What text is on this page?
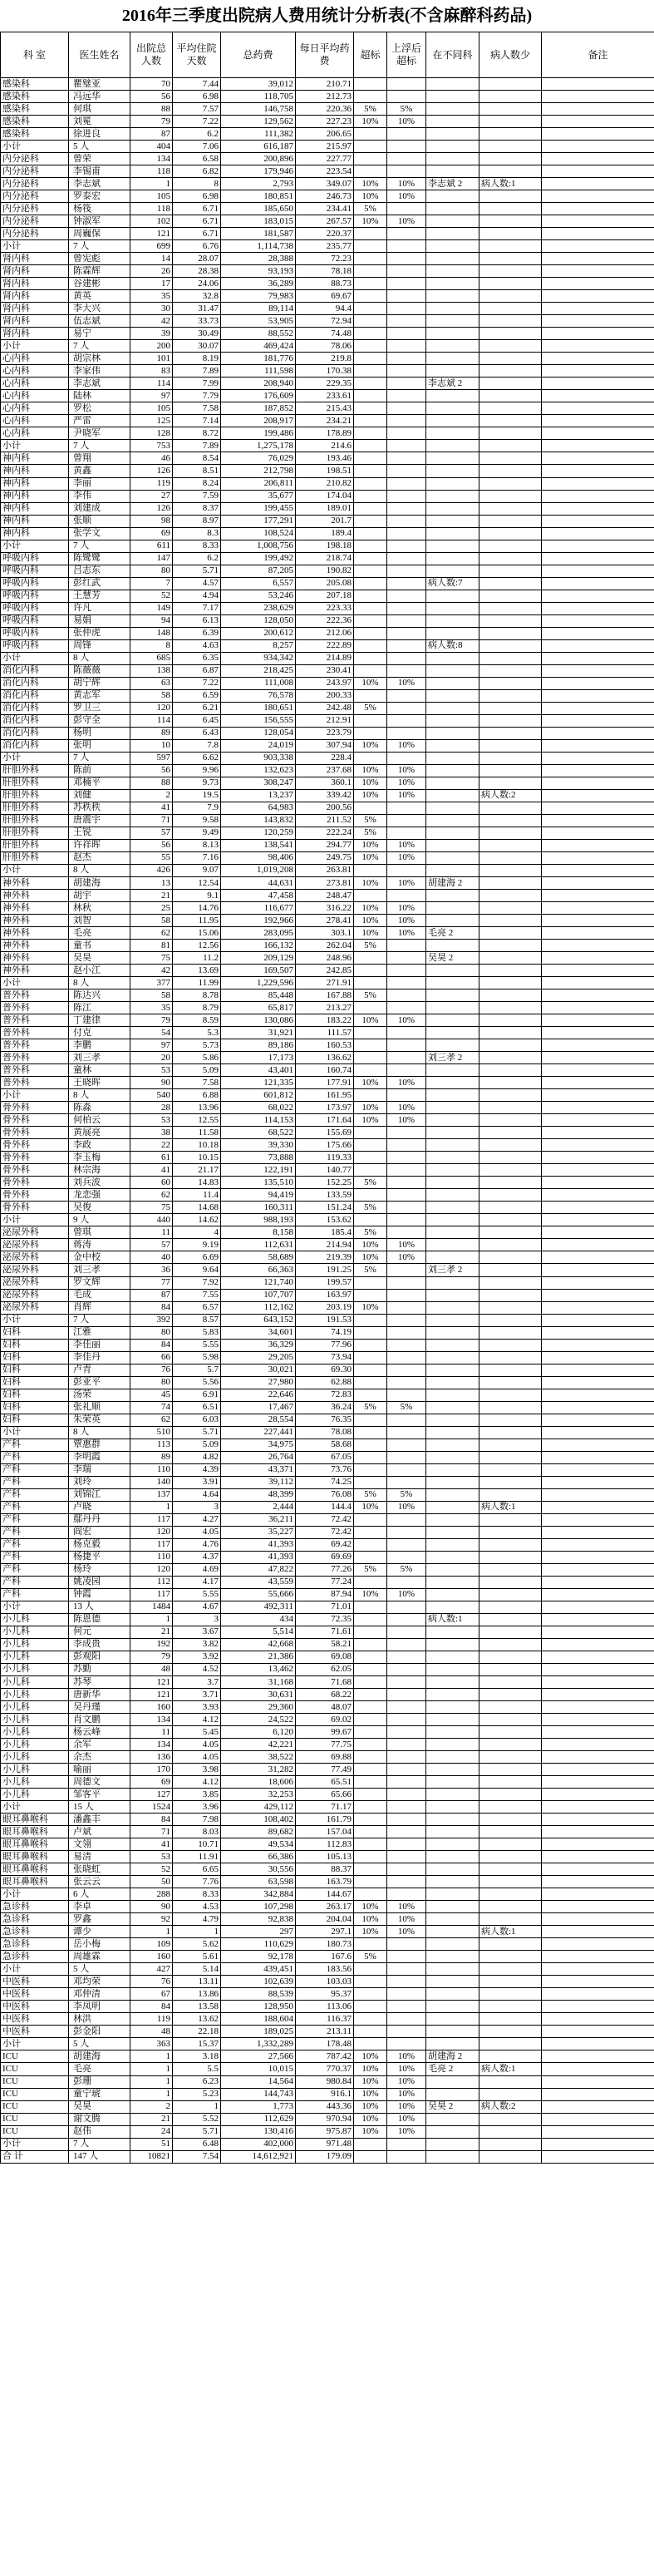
2016年三季度出院病人费用统计分析表(不含麻醉科药品)
科 室	医生姓名	出院总人数	平均住院天数	总药费	每日平均药费	超标	上浮后超标	在不同科	病人数少	备注
感染科	瞿璧亚	70	7.44	39,012	210.71					
感染科	冯远华	56	6.98	118,705	212.73					
感染科	何琪	88	7.57	146,758	220.36	5%	5%			
感染科	刘冕	79	7.22	129,562	227.23	10%	10%			
感染科	徐进良	87	6.2	111,382	206.65					
小计	5 人	404	7.06	616,187	215.97					
内分泌科	曾荣	134	6.58	200,896	227.77					
内分泌科	李锡甫	118	6.82	179,946	223.54					
内分泌科	李志斌	1	8	2,793	349.07	10%	10%	李志斌 2	病人数:1	
内分泌科	罗泰宏	105	6.98	180,851	246.73	10%	10%			
内分泌科	杨筏	118	6.71	185,650	234.41	5%				
内分泌科	钟淑军	102	6.71	183,015	267.57	10%	10%			
内分泌科	周巍保	121	6.71	181,587	220.37					
小计	7 人	699	6.76	1,114,738	235.77					
肾内科	曾宪彪	14	28.07	28,388	72.23					
肾内科	陈霖辉	26	28.38	93,193	78.18					
肾内科	谷建彬	17	24.06	36,289	88.73					
肾内科	黄英	35	32.8	79,983	69.67					
肾内科	李大兴	30	31.47	89,114	94.4					
肾内科	伍志斌	42	33.73	53,905	72.94					
肾内科	易宁	39	30.49	88,552	74.48					
小计	7 人	200	30.07	469,424	78.06					
心内科	胡宗林	101	8.19	181,776	219.8					
心内科	李家伟	83	7.89	111,598	170.38					
心内科	李志斌	114	7.99	208,940	229.35			李志斌 2		
心内科	陆林	97	7.79	176,609	233.61					
心内科	罗松	105	7.58	187,852	215.43					
心内科	严雷	125	7.14	208,917	234.21					
心内科	尹晓军	128	8.72	199,486	178.89					
小计	7 人	753	7.89	1,275,178	214.6					
神内科	曾翔	46	8.54	76,029	193.46					
神内科	黄鑫	126	8.51	212,798	198.51					
神内科	李丽	119	8.24	206,811	210.82					
神内科	李伟	27	7.59	35,677	174.04					
神内科	刘建成	126	8.37	199,455	189.01					
神内科	张顺	98	8.97	177,291	201.7					
神内科	张学文	69	8.3	108,524	189.4					
小计	7 人	611	8.33	1,008,756	198.18					
呼吸内科	陈鹭鹭	147	6.2	199,492	218.74					
呼吸内科	吕志东	80	5.71	87,205	190.82					
呼吸内科	彭红武	7	4.57	6,557	205.08			病人数:7		
呼吸内科	王慧芳	52	4.94	53,246	207.18					
呼吸内科	许凡	149	7.17	238,629	223.33					
呼吸内科	易娟	94	6.13	128,050	222.36					
呼吸内科	张仲虎	148	6.39	200,612	212.06					
呼吸内科	周锋	8	4.63	8,257	222.89			病人数:8		
小计	8 人	685	6.35	934,342	214.89					
消化内科	陈薇薇	138	6.87	218,425	230.41					
消化内科	胡宁辉	63	7.22	111,008	243.97	10%	10%			
消化内科	黄志军	58	6.59	76,578	200.33					
消化内科	罗卫三	120	6.21	180,651	242.48	5%				
消化内科	彭守全	114	6.45	156,555	212.91					
消化内科	杨明	89	6.43	128,054	223.79					
消化内科	张明	10	7.8	24,019	307.94	10%	10%			
小计	7 人	597	6.62	903,338	228.4					
肝胆外科	陈前	56	9.96	132,623	237.68	10%	10%			
肝胆外科	邓楠平	88	9.73	308,247	360.1	10%	10%			
肝胆外科	刘健	2	19.5	13,237	339.42	10%	10%		病人数:2	
肝胆外科	苏秩秩	41	7.9	64,983	200.56					
肝胆外科	唐震宇	71	9.58	143,832	211.52	5%				
肝胆外科	王锐	57	9.49	120,259	222.24	5%				
肝胆外科	许祥晖	56	8.13	138,541	294.77	10%	10%			
肝胆外科	赵杰	55	7.16	98,406	249.75	10%	10%			
小计	8 人	426	9.07	1,019,208	263.81					
神外科	胡建海	13	12.54	44,631	273.81	10%	10%	胡建海 2		
神外科	胡宇	21	9.1	47,458	248.47					
神外科	林秋	25	14.76	116,677	316.22	10%	10%			
神外科	刘智	58	11.95	192,966	278.41	10%	10%			
神外科	毛亮	62	15.06	283,095	303.1	10%	10%	毛亮 2		
神外科	童书	81	12.56	166,132	262.04	5%				
神外科	吴昊	75	11.2	209,129	248.96			吴昊 2		
神外科	赵小江	42	13.69	169,507	242.85					
小计	8 人	377	11.99	1,229,596	271.91					
普外科	陈达兴	58	8.78	85,448	167.88	5%				
普外科	陈江	35	8.79	65,817	213.27					
普外科	丁建律	79	8.59	130,086	183.22	10%	10%			
普外科	付克	54	5.3	31,921	111.57					
普外科	李鹏	97	5.73	89,186	160.53					
普外科	刘三孝	20	5.86	17,173	136.62			刘三孝 2		
普外科	童林	53	5.09	43,401	160.74					
普外科	王晓晖	90	7.58	121,335	177.91	10%	10%			
小计	8 人	540	6.88	601,812	161.95					
骨外科	陈淼	28	13.96	68,022	173.97	10%	10%			
骨外科	何柏云	53	12.55	114,153	171.64	10%	10%			
骨外科	黄展亮	38	11.58	68,522	155.69					
骨外科	李政	22	10.18	39,330	175.66					
骨外科	李玉梅	61	10.15	73,888	119.33					
骨外科	林宗海	41	21.17	122,191	140.77					
骨外科	刘兵波	60	14.83	135,510	152.25	5%				
骨外科	龙恋强	62	11.4	94,419	133.59					
骨外科	吴俊	75	14.68	160,311	151.24	5%				
小计	9 人	440	14.62	988,193	153.62					
泌尿外科	曾琪	11	4	8,158	185.4	5%				
泌尿外科	蒋涛	57	9.19	112,631	214.94	10%	10%			
泌尿外科	金中校	40	6.69	58,689	219.39	10%	10%			
泌尿外科	刘三孝	36	9.64	66,363	191.25	5%		刘三孝 2		
泌尿外科	罗文辉	77	7.92	121,740	199.57					
泌尿外科	毛成	87	7.55	107,707	163.97					
泌尿外科	肖辉	84	6.57	112,162	203.19	10%				
小计	7 人	392	8.57	643,152	191.53					
妇科	江雅	80	5.83	34,601	74.19					
妇科	李佳丽	84	5.55	36,329	77.96					
妇科	李佳丹	66	5.98	29,205	73.94					
妇科	卢青	76	5.7	30,021	69.30					
妇科	彭亚平	80	5.56	27,980	62.88					
妇科	汤荣	45	6.91	22,646	72.83					
妇科	张礼顺	74	6.51	17,467	36.24	5%	5%			
妇科	朱荣英	62	6.03	28,554	76.35					
小计	8 人	510	5.71	227,441	78.08					
产科	覃惠群	113	5.09	34,975	58.68					
产科	李明霞	89	4.82	26,764	67.05					
产科	李瑞	110	4.39	43,371	73.76					
产科	刘玲	140	3.91	39,112	74.25					
产科	刘锦江	137	4.64	48,399	76.08	5%	5%			
产科	卢晓	1	3	2,444	144.4	10%	10%		病人数:1	
产科	鄢丹丹	117	4.27	36,211	72.42					
产科	阎宏	120	4.05	35,227	72.42					
产科	杨克毅	117	4.76	41,393	69.42					
产科	杨捷平	110	4.37	41,393	69.69					
产科	杨玲	120	4.69	47,822	77.26	5%	5%			
产科	姚凌园	112	4.17	43,559	77.24					
产科	钟霞	117	5.55	55,666	87.94	10%	10%			
小计	13 人	1484	4.67	492,311	71.01					
小儿科	陈恩德	1	3	434	72.35			病人数:1		
小儿科	何元	21	3.67	5,514	71.61					
小儿科	李成贵	192	3.82	42,668	58.21					
小儿科	彭观阳	79	3.92	21,386	69.08					
小儿科	苏勤	48	4.52	13,462	62.05					
小儿科	苏琴	121	3.7	31,168	71.68					
小儿科	唐新华	121	3.71	30,631	68.22					
小儿科	吴丹瑾	160	3.93	29,360	48.07					
小儿科	肖文鹏	134	4.12	24,522	69.02					
小儿科	杨云峰	11	5.45	6,120	99.67					
小儿科	余军	134	4.05	42,221	77.75					
小儿科	余杰	136	4.05	38,522	69.88					
小儿科	喻丽	170	3.98	31,282	77.49					
小儿科	周德文	69	4.12	18,606	65.51					
小儿科	邹客平	127	3.85	32,253	65.66					
小计	15 人	1524	3.96	429,112	71.17					
眼耳鼻喉科	潘鑫丰	84	7.98	108,402	161.79					
眼耳鼻喉科	卢斌	71	8.03	89,682	157.04					
眼耳鼻喉科	文翎	41	10.71	49,534	112.83					
眼耳鼻喉科	易清	53	11.91	66,386	105.13					
眼耳鼻喉科	张晓虹	52	6.65	30,556	88.37					
眼耳鼻喉科	张云云	50	7.76	63,598	163.79					
小计	6 人	288	8.33	342,884	144.67					
急诊科	李卓	90	4.53	107,298	263.17	10%	10%			
急诊科	罗鑫	92	4.79	92,838	204.04	10%	10%			
急诊科	谭少	1	1	297	297.1	10%	10%		病人数:1	
急诊科	岳小梅	109	5.62	110,629	180.73					
急诊科	周雄霖	160	5.61	92,178	167.6	5%				
小计	5 人	427	5.14	439,451	183.56					
中医科	邓均荣	76	13.11	102,639	103.03					
中医科	邓仲清	67	13.86	88,539	95.37					
中医科	李凤明	84	13.58	128,950	113.06					
中医科	林洪	119	13.62	188,604	116.37					
中医科	彭金阳	48	22.18	189,025	213.11					
小计	5 人	363	15.37	1,332,289	178.48					
ICU	胡建海	1	3.18	27,566	787.42	10%	10%	胡建海 2		
ICU	毛亮	1	5.5	10,015	770.37	10%	10%	毛亮 2	病人数:1	
ICU	彭珊	1	6.23	14,564	980.84	10%	10%			
ICU	童宁琥	1	5.23	144,743	916.1	10%	10%			
ICU	吴昊	2	1	1,773	443.36	10%	10%	吴昊 2	病人数:2	
ICU	谢文腾	21	5.52	112,629	970.94	10%	10%			
ICU	赵伟	24	5.71	130,416	975.87	10%	10%			
小计	7 人	51	6.48	402,000	971.48					
合 计	147 人	10821	7.54	14,612,921	179.09					
